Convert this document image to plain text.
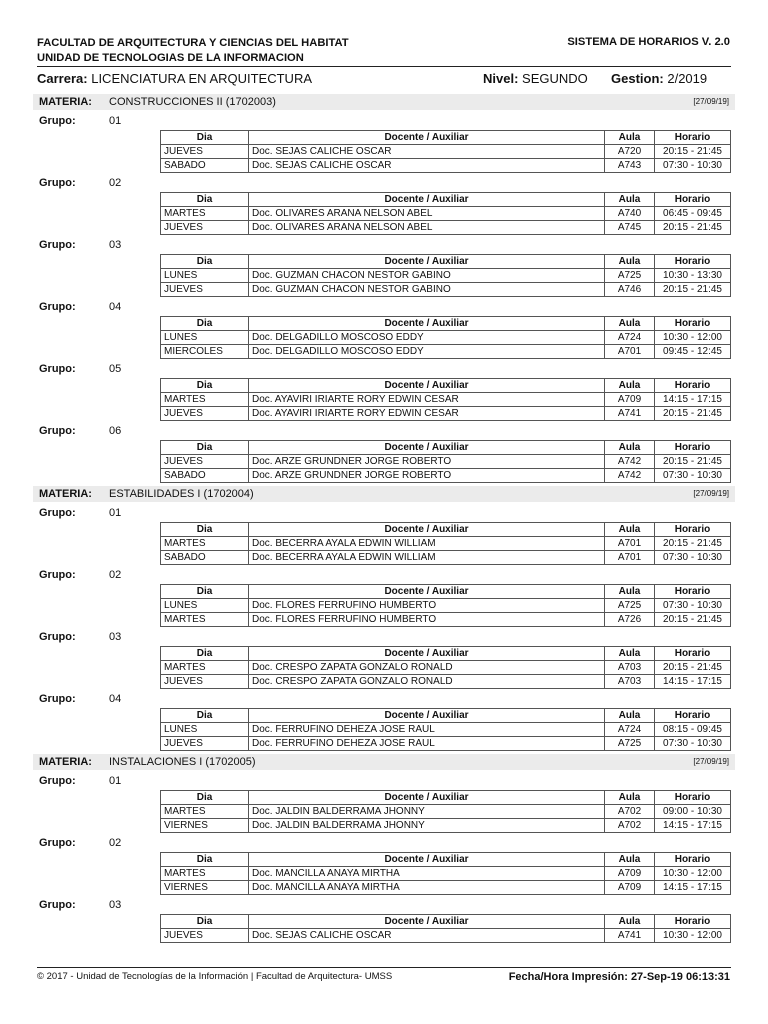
FACULTAD DE ARQUITECTURA Y CIENCIAS DEL HABITAT
UNIDAD DE TECNOLOGIAS DE LA INFORMACION
SISTEMA DE HORARIOS V. 2.0
Carrera: LICENCIATURA EN ARQUITECTURA	Nivel: SEGUNDO Gestion: 2/2019
MATERIA: CONSTRUCCIONES II (1702003)	[27/09/19]
Grupo:	01
Dia	Docente / Auxiliar	Aula	Horario
JUEVES	Doc. SEJAS CALICHE OSCAR	A720	20:15 - 21:45
SABADO	Doc. SEJAS CALICHE OSCAR	A743	07:30 - 10:30
Grupo:	02
Dia	Docente / Auxiliar	Aula	Horario
MARTES	Doc. OLIVARES ARANA NELSON ABEL	A740	06:45 - 09:45
JUEVES	Doc. OLIVARES ARANA NELSON ABEL	A745	20:15 - 21:45
Grupo:	03
Dia	Docente / Auxiliar	Aula	Horario
LUNES	Doc. GUZMAN CHACON NESTOR GABINO	A725	10:30 - 13:30
JUEVES	Doc. GUZMAN CHACON NESTOR GABINO	A746	20:15 - 21:45
Grupo:	04
Dia	Docente / Auxiliar	Aula	Horario
LUNES	Doc. DELGADILLO MOSCOSO EDDY	A724	10:30 - 12:00
MIERCOLES	Doc. DELGADILLO MOSCOSO EDDY	A701	09:45 - 12:45
Grupo:	05
Dia	Docente / Auxiliar	Aula	Horario
MARTES	Doc. AYAVIRI IRIARTE RORY EDWIN CESAR	A709	14:15 - 17:15
JUEVES	Doc. AYAVIRI IRIARTE RORY EDWIN CESAR	A741	20:15 - 21:45
Grupo:	06
Dia	Docente / Auxiliar	Aula	Horario
JUEVES	Doc. ARZE GRUNDNER JORGE ROBERTO	A742	20:15 - 21:45
SABADO	Doc. ARZE GRUNDNER JORGE ROBERTO	A742	07:30 - 10:30
MATERIA: ESTABILIDADES I (1702004)	[27/09/19]
Grupo:	01
Dia	Docente / Auxiliar	Aula	Horario
MARTES	Doc. BECERRA AYALA EDWIN WILLIAM	A701	20:15 - 21:45
SABADO	Doc. BECERRA AYALA EDWIN WILLIAM	A701	07:30 - 10:30
Grupo:	02
Dia	Docente / Auxiliar	Aula	Horario
LUNES	Doc. FLORES FERRUFINO HUMBERTO	A725	07:30 - 10:30
MARTES	Doc. FLORES FERRUFINO HUMBERTO	A726	20:15 - 21:45
Grupo:	03
Dia	Docente / Auxiliar	Aula	Horario
MARTES	Doc. CRESPO ZAPATA GONZALO RONALD	A703	20:15 - 21:45
JUEVES	Doc. CRESPO ZAPATA GONZALO RONALD	A703	14:15 - 17:15
Grupo:	04
Dia	Docente / Auxiliar	Aula	Horario
LUNES	Doc. FERRUFINO DEHEZA JOSE RAUL	A724	08:15 - 09:45
JUEVES	Doc. FERRUFINO DEHEZA JOSE RAUL	A725	07:30 - 10:30
MATERIA: INSTALACIONES I (1702005)	[27/09/19]
Grupo:	01
Dia	Docente / Auxiliar	Aula	Horario
MARTES	Doc. JALDIN BALDERRAMA JHONNY	A702	09:00 - 10:30
VIERNES	Doc. JALDIN BALDERRAMA JHONNY	A702	14:15 - 17:15
Grupo:	02
Dia	Docente / Auxiliar	Aula	Horario
MARTES	Doc. MANCILLA ANAYA MIRTHA	A709	10:30 - 12:00
VIERNES	Doc. MANCILLA ANAYA MIRTHA	A709	14:15 - 17:15
Grupo:	03
Dia	Docente / Auxiliar	Aula	Horario
JUEVES	Doc. SEJAS CALICHE OSCAR	A741	10:30 - 12:00
© 2017 - Unidad de Tecnologías de la Información | Facultad de Arquitectura- UMSS	Fecha/Hora Impresión: 27-Sep-19 06:13:31
